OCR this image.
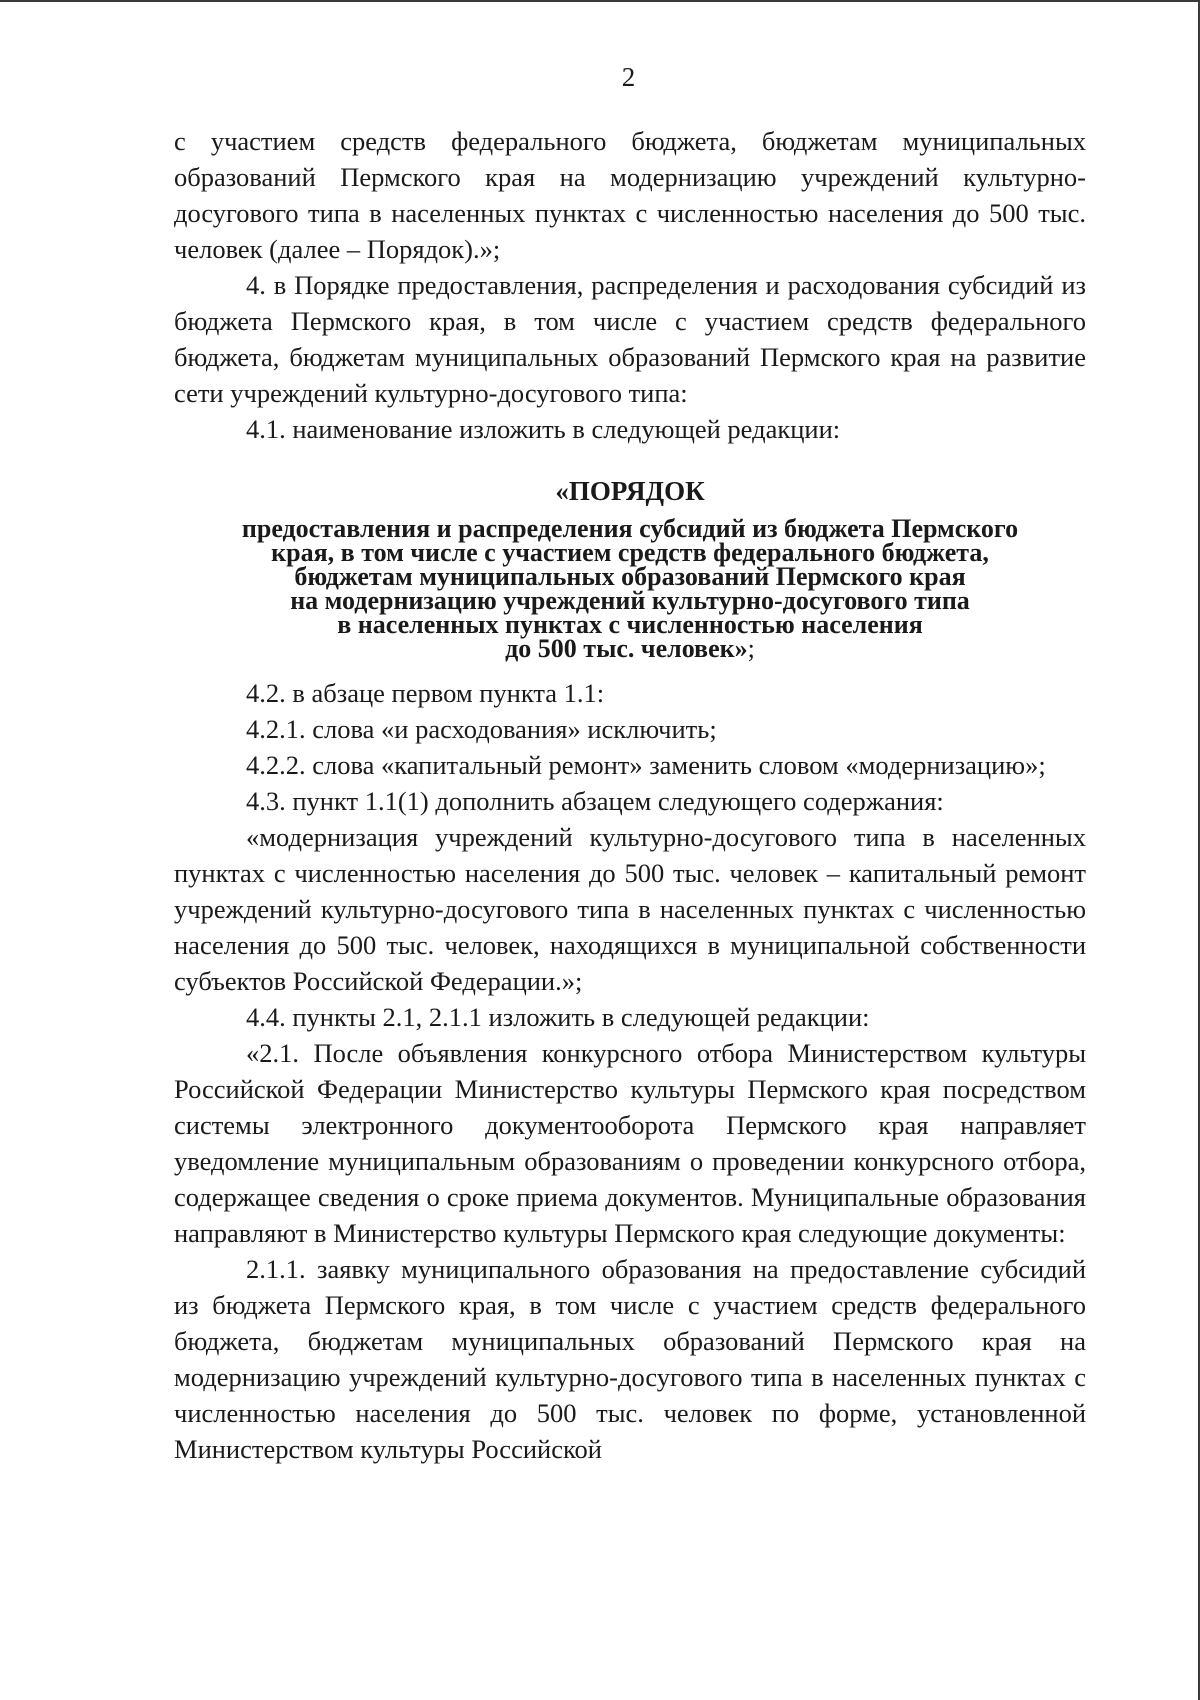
2

с участием средств федерального бюджета, бюджетам муниципальных образований Пермского края на модернизацию учреждений культурно-досугового типа в населенных пунктах с численностью населения до 500 тыс. человек (далее – Порядок).»;

4. в Порядке предоставления, распределения и расходования субсидий из бюджета Пермского края, в том числе с участием средств федерального бюджета, бюджетам муниципальных образований Пермского края на развитие сети учреждений культурно-досугового типа:

4.1. наименование изложить в следующей редакции:

«ПОРЯДОК
предоставления и распределения субсидий из бюджета Пермского
края, в том числе с участием средств федерального бюджета,
бюджетам муниципальных образований Пермского края
на модернизацию учреждений культурно-досугового типа
в населенных пунктах с численностью населения
до 500 тыс. человек»;

4.2. в абзаце первом пункта 1.1:

4.2.1. слова «и расходования» исключить;

4.2.2. слова «капитальный ремонт» заменить словом «модернизацию»;

4.3. пункт 1.1(1) дополнить абзацем следующего содержания:

«модернизация учреждений культурно-досугового типа в населенных пунктах с численностью населения до 500 тыс. человек – капитальный ремонт учреждений культурно-досугового типа в населенных пунктах с численностью населения до 500 тыс. человек, находящихся в муниципальной собственности субъектов Российской Федерации.»;

4.4. пункты 2.1, 2.1.1 изложить в следующей редакции:

«2.1. После объявления конкурсного отбора Министерством культуры Российской Федерации Министерство культуры Пермского края посредством системы электронного документооборота Пермского края направляет уведомление муниципальным образованиям о проведении конкурсного отбора, содержащее сведения о сроке приема документов. Муниципальные образования направляют в Министерство культуры Пермского края следующие документы:

2.1.1. заявку муниципального образования на предоставление субсидий из бюджета Пермского края, в том числе с участием средств федерального бюджета, бюджетам муниципальных образований Пермского края на модернизацию учреждений культурно-досугового типа в населенных пунктах с численностью населения до 500 тыс. человек по форме, установленной Министерством культуры Российской
